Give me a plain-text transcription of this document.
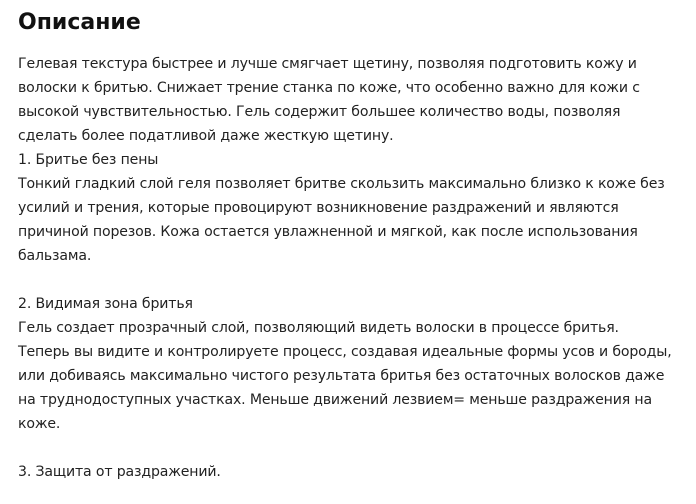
Описание
Гелевая текстура быстрее и лучше смягчает щетину, позволяя подготовить кожу и
волоски к бритью. Снижает трение станка по коже, что особенно важно для кожи с
высокой чувствительностью. Гель содержит большее количество воды, позволяя
сделать более податливой даже жесткую щетину.
1. Бритье без пены
Тонкий гладкий слой геля позволяет бритве скользить максимально близко к коже без
усилий и трения, которые провоцируют возникновение раздражений и являются
причиной порезов. Кожа остается увлажненной и мягкой, как после использования
бальзама.
2. Видимая зона бритья
Гель создает прозрачный слой, позволяющий видеть волоски в процессе бритья.
Теперь вы видите и контролируете процесс, создавая идеальные формы усов и бороды,
или добиваясь максимально чистого результата бритья без остаточных волосков даже
на труднодоступных участках. Меньше движений лезвием= меньше раздражения на
коже.
3. Защита от раздражений.
